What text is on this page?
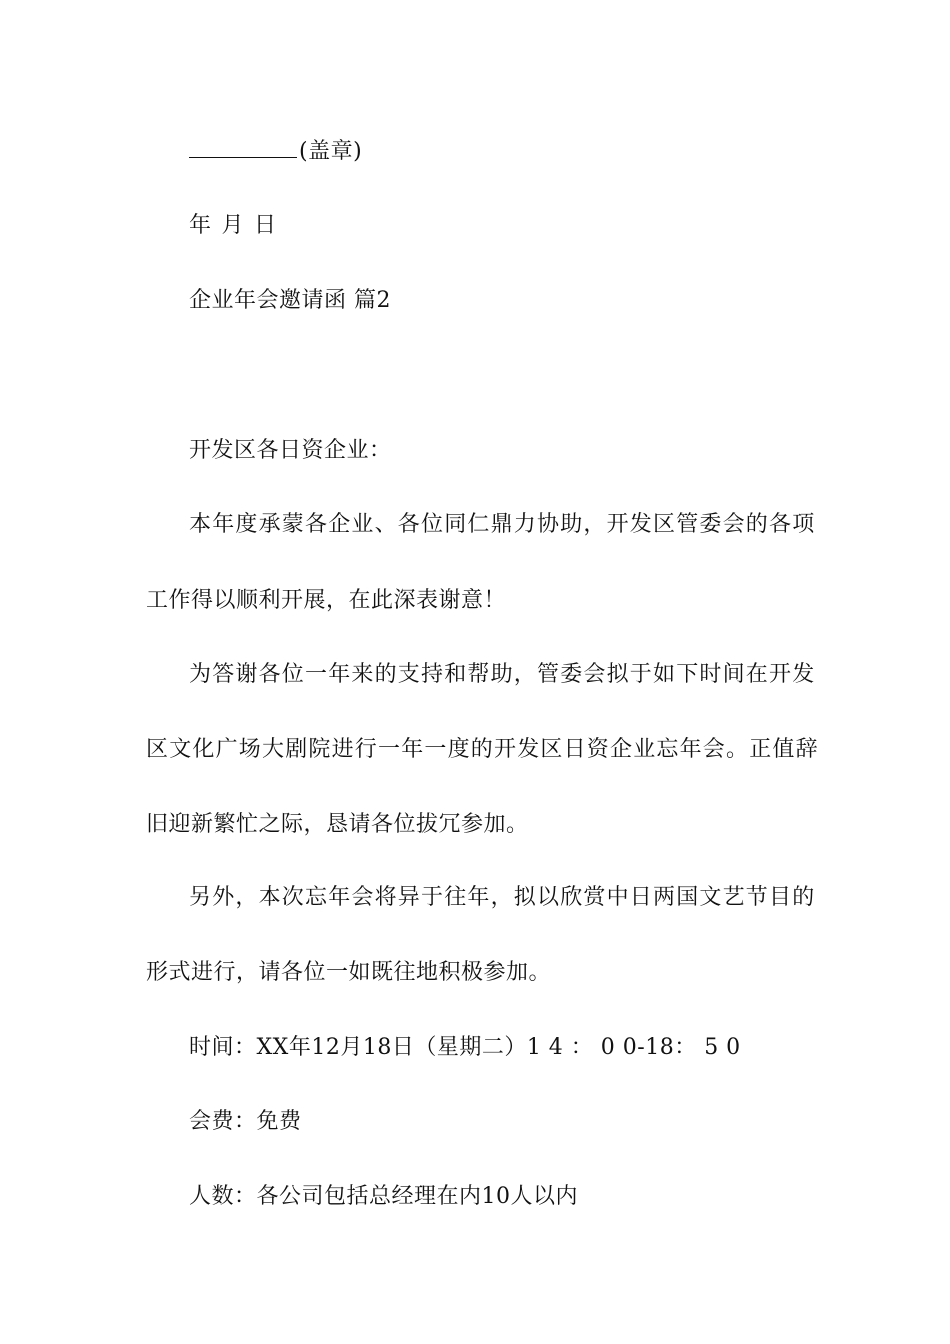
(盖章)
年 月 日
企业年会邀请函 篇2
开发区各日资企业：
本年度承蒙各企业、各位同仁鼎力协助，开发区管委会的各项
工作得以顺利开展，在此深表谢意！
为答谢各位一年来的支持和帮助，管委会拟于如下时间在开发
区文化广场大剧院进行一年一度的开发区日资企业忘年会。正值辞
旧迎新繁忙之际，恳请各位拔冗参加。
另外，本次忘年会将异于往年，拟以欣赏中日两国文艺节目的
形式进行，请各位一如既往地积极参加。
时间：XX年12月18日（星期二）1 4 ： 0 0-18： 5 0
会费：免费
人数：各公司包括总经理在内10人以内
